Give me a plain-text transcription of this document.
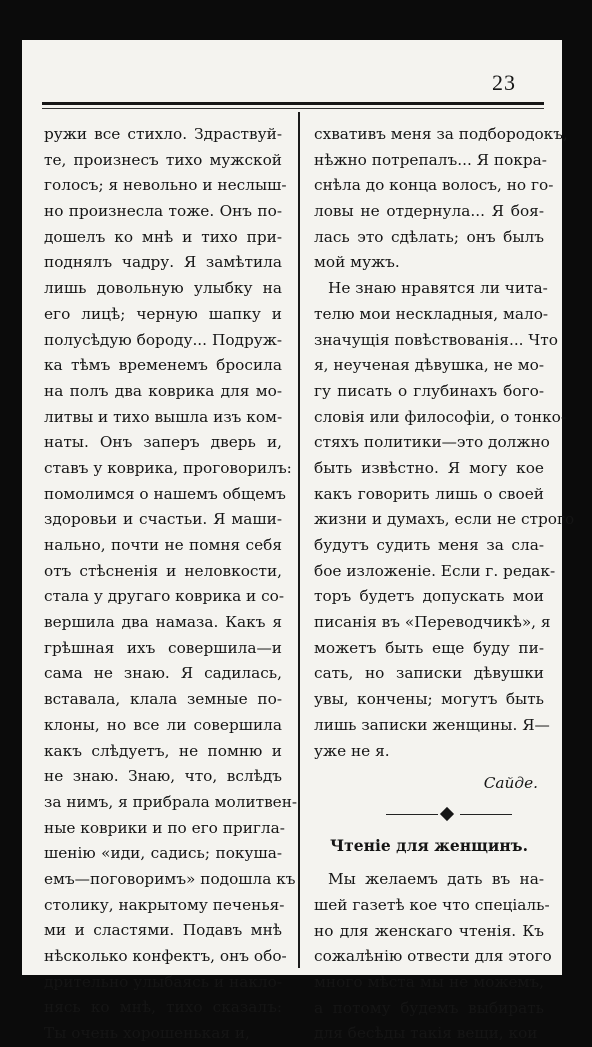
23
ружи все стихло. Здраствуй-
те, произнесъ тихо мужской
голосъ; я невольно и неслыш-
но произнесла тоже. Онъ по-
дошелъ ко мнѣ и тихо при-
поднялъ чадру. Я замѣтила
лишь довольную улыбку на
его лицѣ; черную шапку и
полусѣдую бороду... Подруж-
ка тѣмъ временемъ бросила
на полъ два коврика для мо-
литвы и тихо вышла изъ ком-
наты. Онъ заперъ дверь и,
ставъ у коврика, проговорилъ:
помолимся о нашемъ общемъ
здоровьи и счастьи. Я маши-
нально, почти не помня себя
отъ стѣсненія и неловкости,
стала у другаго коврика и со-
вершила два намаза. Какъ я
грѣшная ихъ совершила—и
сама не знаю. Я садилась,
вставала, клала земные по-
клоны, но все ли совершила
какъ слѣдуетъ, не помню и
не знаю. Знаю, что, вслѣдъ
за нимъ, я прибрала молитвен-
ные коврики и по его пригла-
шенію «иди, садись; покушa-
емъ—поговоримъ» подошла къ
столику, накрытому печенья-
ми и сластями. Подавъ мнѣ
нѣсколько конфектъ, онъ обо-
дрительно улыбаясь и накло-
нясь ко мнѣ, тихо сказалъ:
Ты очень хорошенькая и,
схвативъ меня за подбородокъ,
нѣжно потрепалъ... Я покра-
снѣла до конца волосъ, но го-
ловы не отдернула... Я боя-
лась это сдѣлать; онъ былъ
мой мужъ.
Не знаю нравятся ли чита-
телю мои нескладныя, мало-
значущія повѣствованія... Что
я, неученая дѣвушка, не мо-
гу писать о глубинахъ бого-
словія или философіи, о тонко-
стяхъ политики—это должно
быть извѣстно. Я могу кое
какъ говорить лишь о своей
жизни и думахъ, если не строго
будутъ судить меня за сла-
бое изложеніе. Если г. редак-
торъ будетъ допускать мои
писанія въ «Переводчикѣ», я
можетъ быть еще буду пи-
сать, но записки дѣвушки
увы, кончены; могутъ быть
лишь записки женщины. Я—
уже не я.
Сайде.
Чтеніе для женщинъ.
Мы желаемъ дать въ на-
шей газетѣ кое что спеціаль-
но для женскаго чтенія. Къ
сожалѣнію отвести для этого
много мѣста мы не можемъ,
а потому будемъ выбирать
для бесѣды такія вещи, кои
